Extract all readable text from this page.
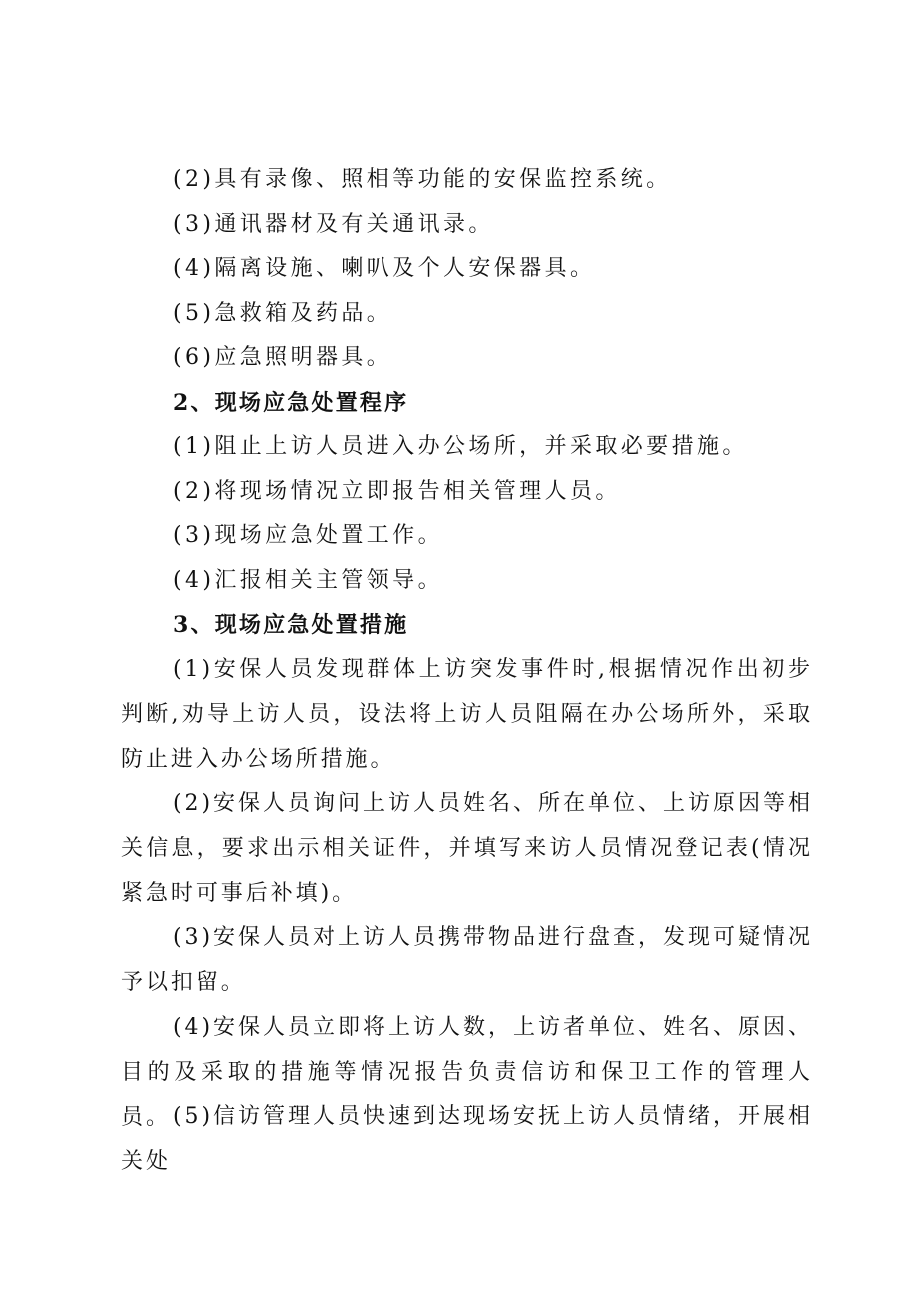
(2)具有录像、照相等功能的安保监控系统。
(3)通讯器材及有关通讯录。
(4)隔离设施、喇叭及个人安保器具。
(5)急救箱及药品。
(6)应急照明器具。
2、现场应急处置程序
(1)阻止上访人员进入办公场所，并采取必要措施。
(2)将现场情况立即报告相关管理人员。
(3)现场应急处置工作。
(4)汇报相关主管领导。
3、现场应急处置措施
(1)安保人员发现群体上访突发事件时,根据情况作出初步判断,劝导上访人员，设法将上访人员阻隔在办公场所外，采取防止进入办公场所措施。
(2)安保人员询问上访人员姓名、所在单位、上访原因等相关信息，要求出示相关证件，并填写来访人员情况登记表(情况紧急时可事后补填)。
(3)安保人员对上访人员携带物品进行盘查，发现可疑情况予以扣留。
(4)安保人员立即将上访人数，上访者单位、姓名、原因、目的及采取的措施等情况报告负责信访和保卫工作的管理人员。 (5)信访管理人员快速到达现场安抚上访人员情绪，开展相关处
